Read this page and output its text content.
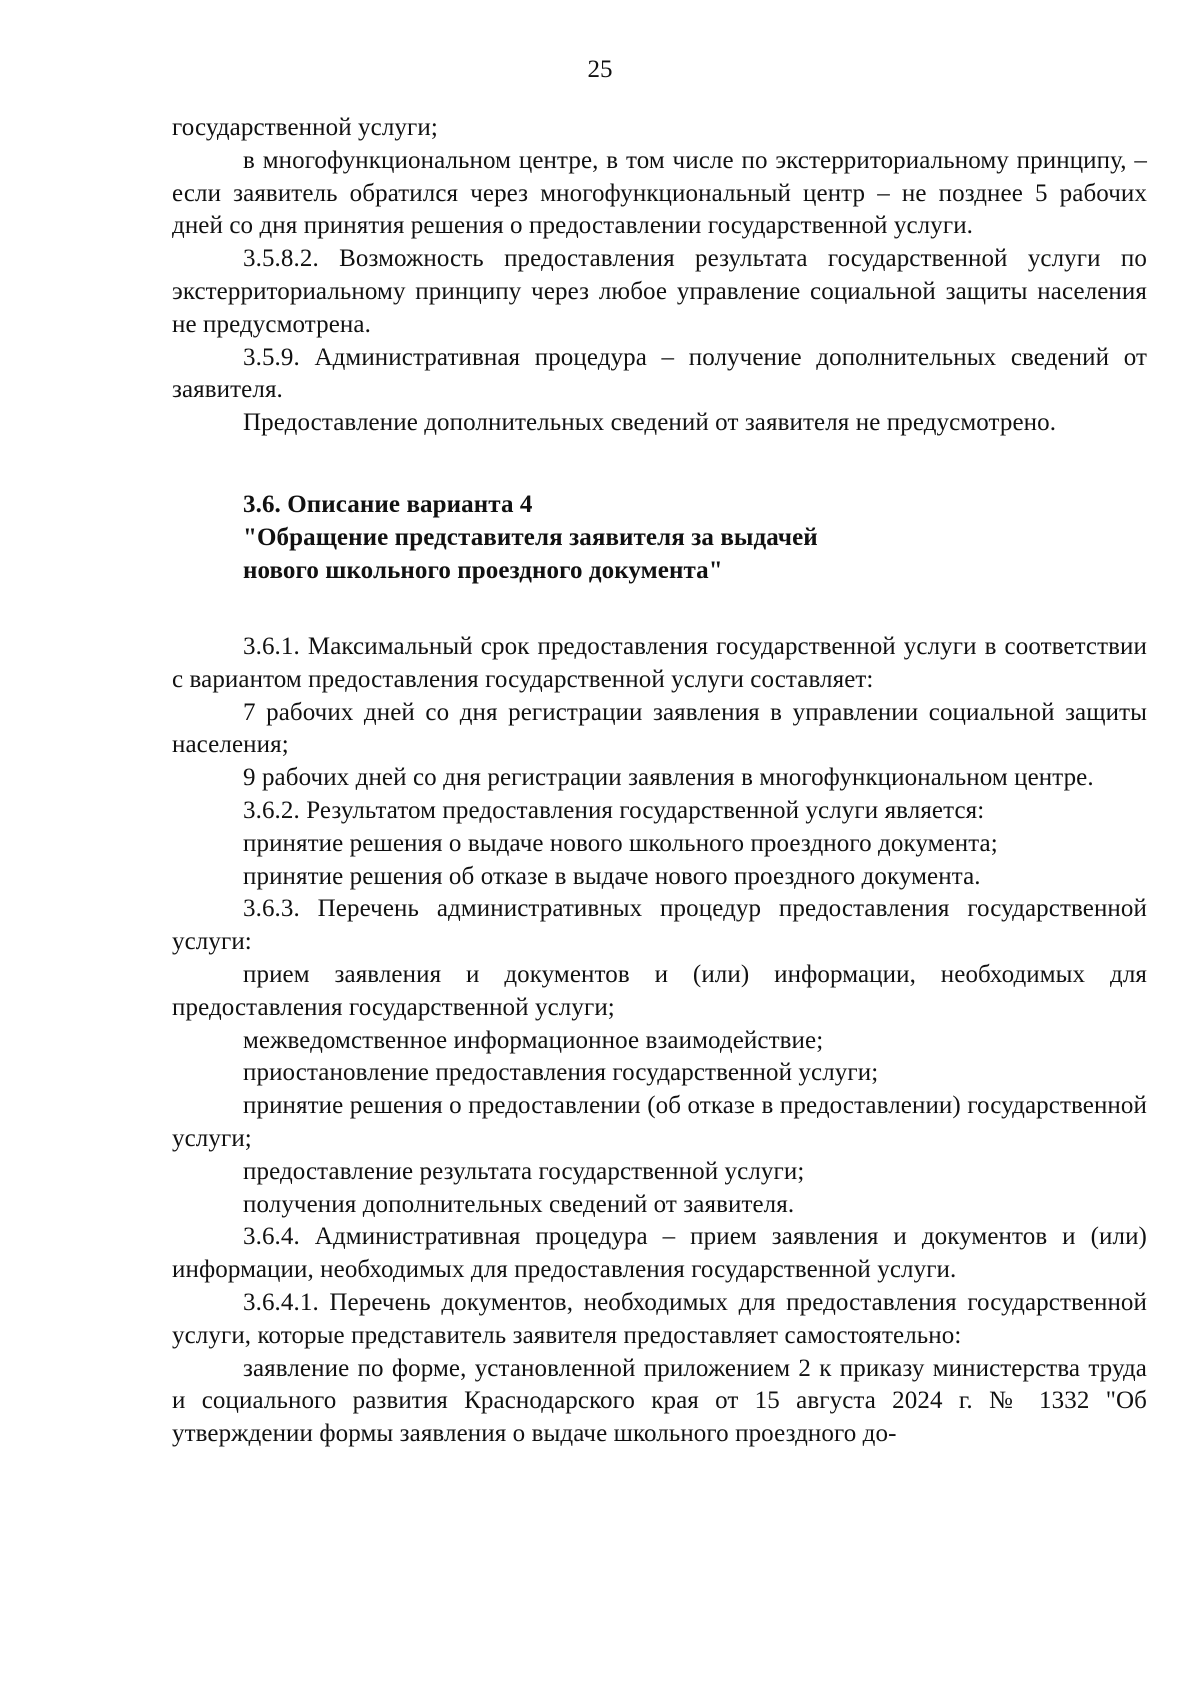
25

государственной услуги;

в многофункциональном центре, в том числе по экстерриториальному принципу, – если заявитель обратился через многофункциональный центр – не позднее 5 рабочих дней со дня принятия решения о предоставлении государственной услуги.

3.5.8.2. Возможность предоставления результата государственной услуги по экстерриториальному принципу через любое управление социальной защиты населения не предусмотрена.

3.5.9. Административная процедура – получение дополнительных сведений от заявителя.

Предоставление дополнительных сведений от заявителя не предусмотрено.

3.6. Описание варианта 4

"Обращение представителя заявителя за выдачей

нового школьного проездного документа"

3.6.1. Максимальный срок предоставления государственной услуги в соответствии с вариантом предоставления государственной услуги составляет:

7 рабочих дней со дня регистрации заявления в управлении социальной защиты населения;

9 рабочих дней со дня регистрации заявления в многофункциональном центре.

3.6.2. Результатом предоставления государственной услуги является:

принятие решения о выдаче нового школьного проездного документа;

принятие решения об отказе в выдаче нового проездного документа.

3.6.3. Перечень административных процедур предоставления государственной услуги:

прием заявления и документов и (или) информации, необходимых для предоставления государственной услуги;

межведомственное информационное взаимодействие;

приостановление предоставления государственной услуги;

принятие решения о предоставлении (об отказе в предоставлении) государственной услуги;

предоставление результата государственной услуги;

получения дополнительных сведений от заявителя.

3.6.4. Административная процедура – прием заявления и документов и (или) информации, необходимых для предоставления государственной услуги.

3.6.4.1. Перечень документов, необходимых для предоставления государственной услуги, которые представитель заявителя предоставляет самостоятельно:

заявление по форме, установленной приложением 2 к приказу министерства труда и социального развития Краснодарского края от 15 августа 2024 г. № 1332 "Об утверждении формы заявления о выдаче школьного проездного до-
